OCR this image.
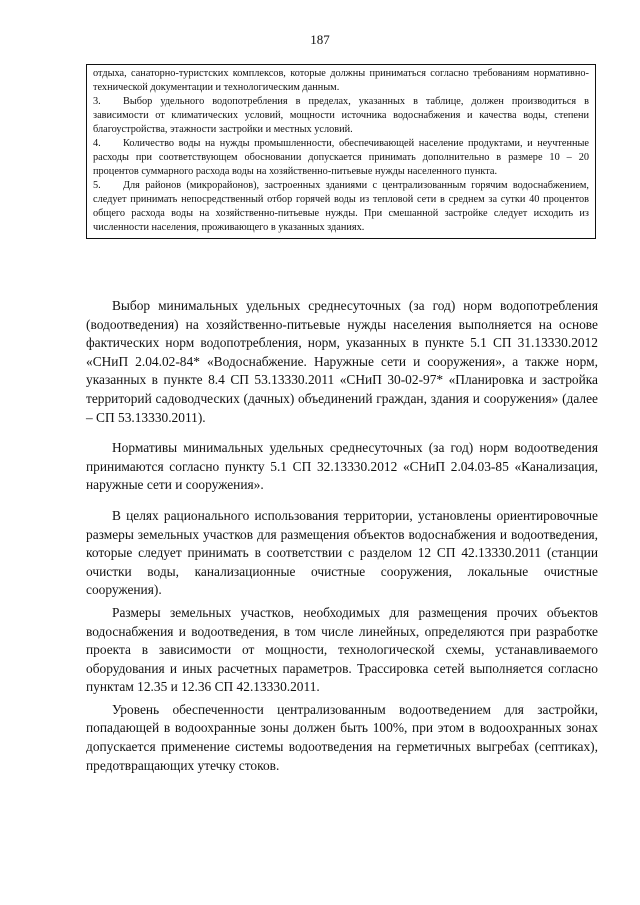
187

отдыха, санаторно-туристских комплексов, которые должны приниматься согласно требованиям нормативно-технической документации и технологическим данным.

3. Выбор удельного водопотребления в пределах, указанных в таблице, должен производиться в зависимости от климатических условий, мощности источника водоснабжения и качества воды, степени благоустройства, этажности застройки и местных условий.

4. Количество воды на нужды промышленности, обеспечивающей население продуктами, и неучтенные расходы при соответствующем обосновании допускается принимать дополнительно в размере 10 – 20 процентов суммарного расхода воды на хозяйственно-питьевые нужды населенного пункта.

5. Для районов (микрорайонов), застроенных зданиями с централизованным горячим водоснабжением, следует принимать непосредственный отбор горячей воды из тепловой сети в среднем за сутки 40 процентов общего расхода воды на хозяйственно-питьевые нужды. При смешанной застройке следует исходить из численности населения, проживающего в указанных зданиях.

Выбор минимальных удельных среднесуточных (за год) норм водопотребления (водоотведения) на хозяйственно-питьевые нужды населения выполняется на основе фактических норм водопотребления, норм, указанных в пункте 5.1 СП 31.13330.2012 «СНиП 2.04.02-84* «Водоснабжение. Наружные сети и сооружения», а также норм, указанных в пункте 8.4 СП 53.13330.2011 «СНиП 30-02-97* «Планировка и застройка территорий садоводческих (дачных) объединений граждан, здания и сооружения» (далее – СП 53.13330.2011).

Нормативы минимальных удельных среднесуточных (за год) норм водоотведения принимаются согласно пункту 5.1 СП 32.13330.2012 «СНиП 2.04.03-85 «Канализация, наружные сети и сооружения».

В целях рационального использования территории, установлены ориентировочные размеры земельных участков для размещения объектов водоснабжения и водоотведения, которые следует принимать в соответствии с разделом 12 СП 42.13330.2011 (станции очистки воды, канализационные очистные сооружения, локальные очистные сооружения).

Размеры земельных участков, необходимых для размещения прочих объектов водоснабжения и водоотведения, в том числе линейных, определяются при разработке проекта в зависимости от мощности, технологической схемы, устанавливаемого оборудования и иных расчетных параметров. Трассировка сетей выполняется согласно пунктам 12.35 и 12.36 СП 42.13330.2011.

Уровень обеспеченности централизованным водоотведением для застройки, попадающей в водоохранные зоны должен быть 100%, при этом в водоохранных зонах допускается применение системы водоотведения на герметичных выгребах (септиках), предотвращающих утечку стоков.
